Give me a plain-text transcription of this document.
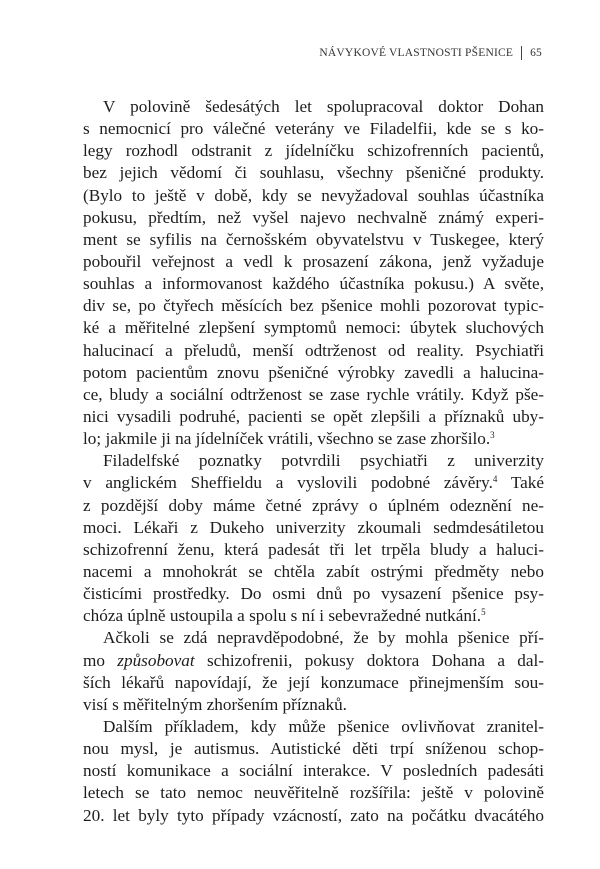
NÁVYKOVÉ VLASTNOSTI PŠENICE 65
V polovině šedesátých let spolupracoval doktor Dohan
s nemocnicí pro válečné veterány ve Filadelfii, kde se s ko-
legy rozhodl odstranit z jídelníčku schizofrenních pacientů,
bez jejich vědomí či souhlasu, všechny pšeničné produkty.
(Bylo to ještě v době, kdy se nevyžadoval souhlas účastníka
pokusu, předtím, než vyšel najevo nechvalně známý experi-
ment se syfilis na černošském obyvatelstvu v Tuskegee, který
pobouřil veřejnost a vedl k prosazení zákona, jenž vyžaduje
souhlas a informovanost každého účastníka pokusu.) A světe,
div se, po čtyřech měsících bez pšenice mohli pozorovat typic-
ké a měřitelné zlepšení symptomů nemoci: úbytek sluchových
halucinací a přeludů, menší odtrženost od reality. Psychiatři
potom pacientům znovu pšeničné výrobky zavedli a halucina-
ce, bludy a sociální odtrženost se zase rychle vrátily. Když pše-
nici vysadili podruhé, pacienti se opět zlepšili a příznaků uby-
lo; jakmile ji na jídelníček vrátili, všechno se zase zhoršilo.$^3$
Filadelfské poznatky potvrdili psychiatři z univerzity
v anglickém Sheffieldu a vyslovili podobné závěry.$^4$ Také
z pozdější doby máme četné zprávy o úplném odeznění ne-
moci. Lékaři z Dukeho univerzity zkoumali sedmdesátiletou
schizofrenní ženu, která padesát tři let trpěla bludy a haluci-
nacemi a mnohokrát se chtěla zabít ostrými předměty nebo
čisticími prostředky. Do osmi dnů po vysazení pšenice psy-
chóza úplně ustoupila a spolu s ní i sebevražedné nutkání.$^5$
Ačkoli se zdá nepravděpodobné, že by mohla pšenice pří-
mo způsobovat schizofrenii, pokusy doktora Dohana a dal-
ších lékařů napovídají, že její konzumace přinejmenším sou-
visí s měřitelným zhoršením příznaků.
Dalším příkladem, kdy může pšenice ovlivňovat zranitel-
nou mysl, je autismus. Autistické děti trpí sníženou schop-
ností komunikace a sociální interakce. V posledních padesáti
letech se tato nemoc neuvěřitelně rozšířila: ještě v polovině
20. let byly tyto případy vzácností, zato na počátku dvacátého
